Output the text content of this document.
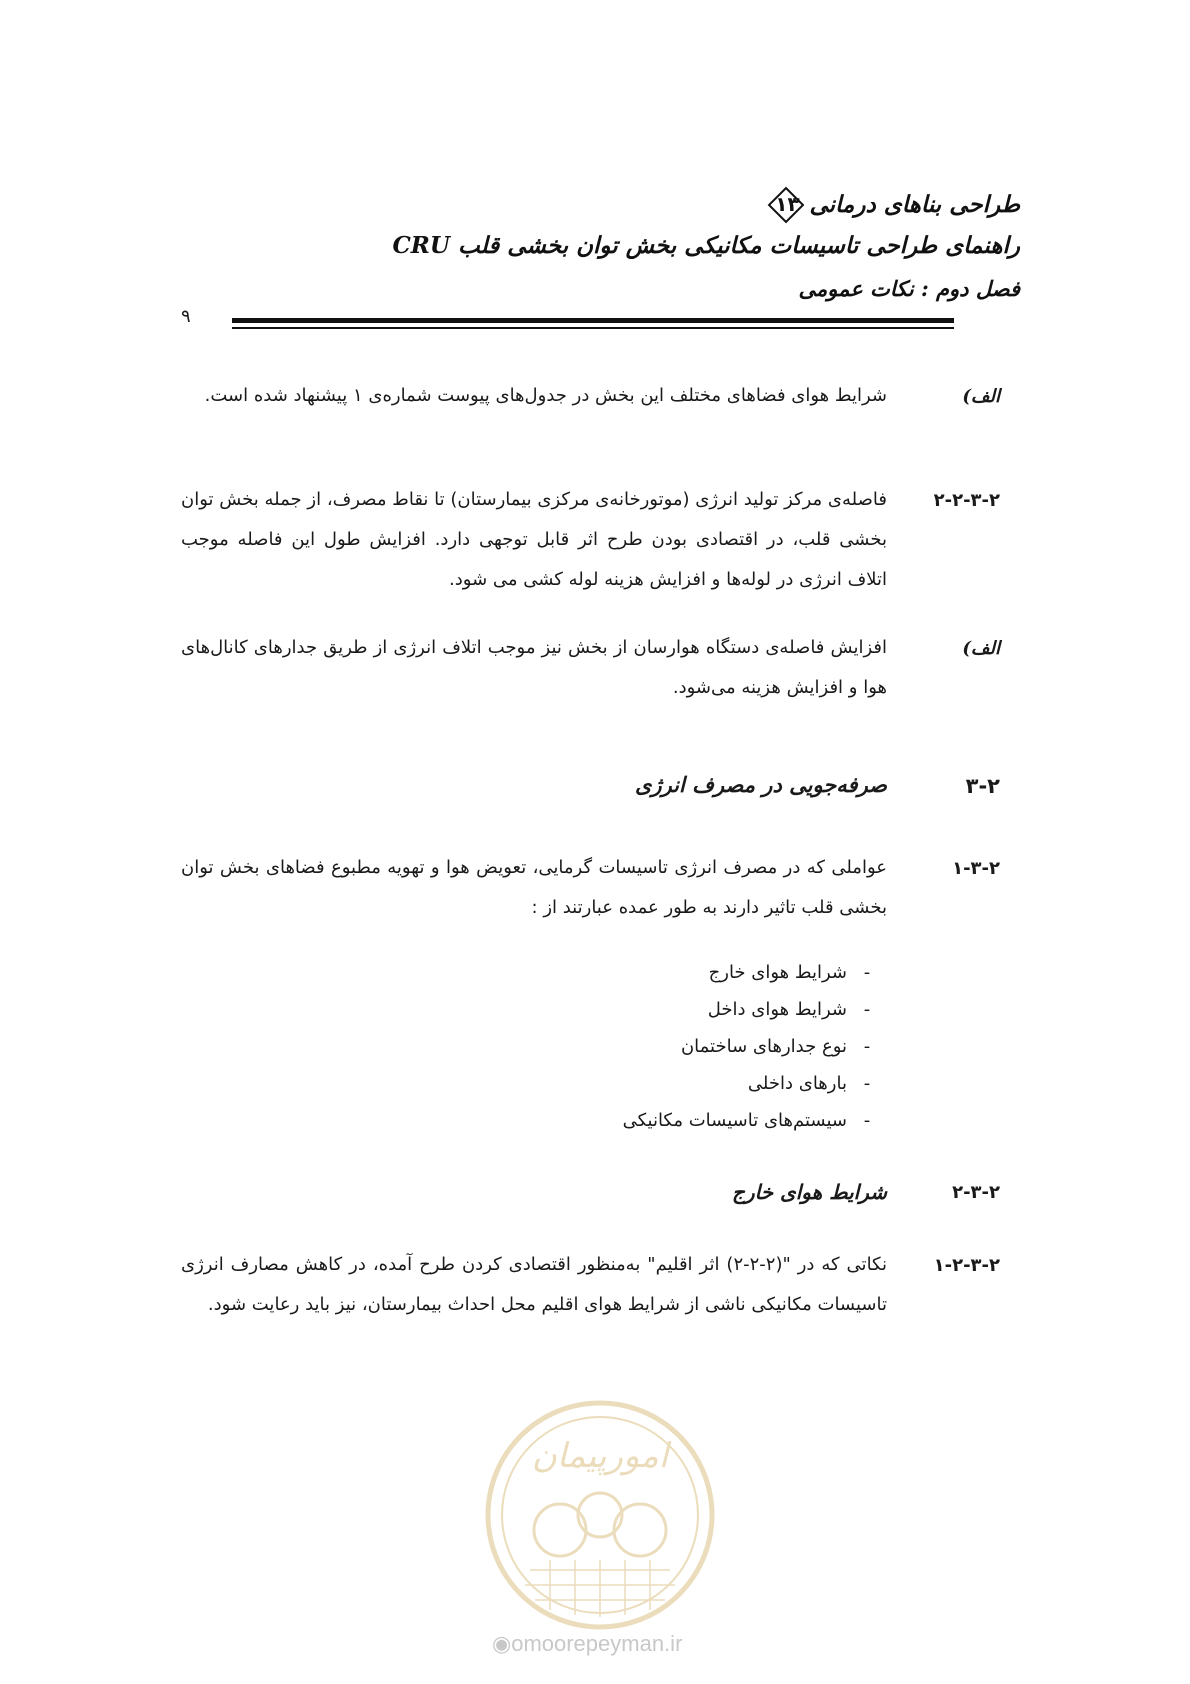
طراحی بناهای درمانی
۱۳
راهنمای طراحی تاسیسات مکانیکی بخش توان بخشی قلب CRU
فصل دوم : نکات عمومی
۹
الف)
شرایط هوای فضاهای مختلف این بخش در جدول‌های پیوست شماره‌ی ۱ پیشنهاد شده است.
۲-۲-۳-۲
فاصله‌ی مرکز تولید انرژی (موتورخانه‌ی مرکزی بیمارستان) تا نقاط مصرف، از جمله بخش توان بخشی قلب، در اقتصادی بودن طرح اثر قابل توجهی دارد. افزایش طول این فاصله موجب اتلاف انرژی در لوله‌ها و افزایش هزینه لوله کشی می شود.
الف)
افزایش فاصله‌ی دستگاه هوارسان از بخش نیز موجب اتلاف انرژی از طریق جدارهای کانال‌های هوا و افزایش هزینه می‌شود.
۳-۲
صرفه‌جویی در مصرف انرژی
۱-۳-۲
عواملی که در مصرف انرژی تاسیسات گرمایی، تعویض هوا و تهویه مطبوع فضاهای بخش توان بخشی قلب تاثیر دارند به طور عمده عبارتند از :
-شرایط هوای خارج
-شرایط هوای داخل
-نوع جدارهای ساختمان
-بارهای داخلی
-سیستم‌های تاسیسات مکانیکی
۲-۳-۲
شرایط هوای خارج
۱-۲-۳-۲
نکاتی که در "(۲-۲-۲) اثر اقلیم" به‌منظور اقتصادی کردن طرح آمده، در کاهش مصارف انرژی تاسیسات مکانیکی ناشی از شرایط هوای اقلیم محل احداث بیمارستان، نیز باید رعایت شود.
امورپیمان
◉omoorepeyman.ir
